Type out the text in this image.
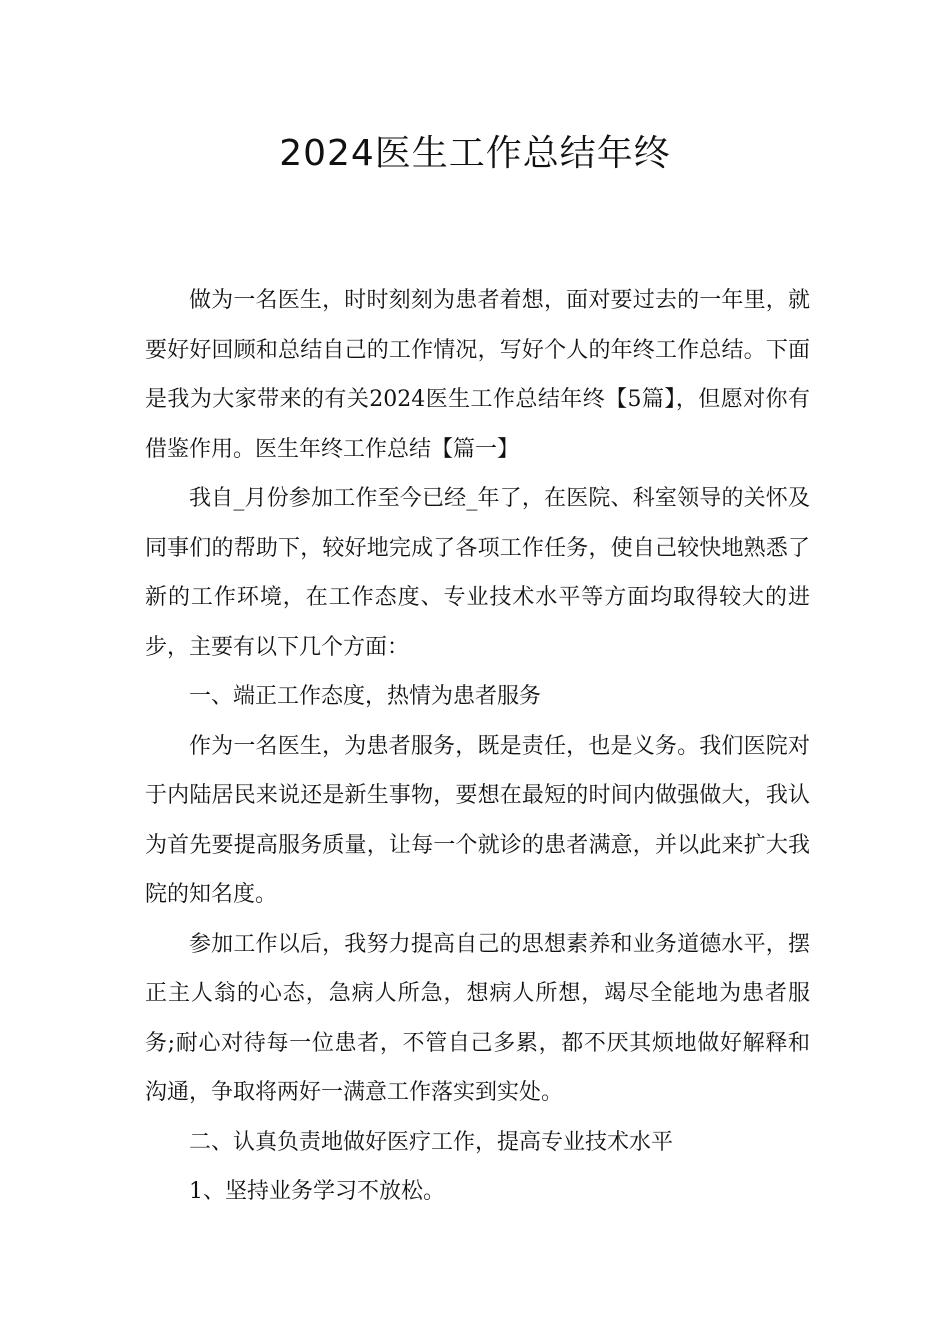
2024医生工作总结年终

做为一名医生，时时刻刻为患者着想，面对要过去的一年里，就要好好回顾和总结自己的工作情况，写好个人的年终工作总结。下面是我为大家带来的有关2024医生工作总结年终【5篇】，但愿对你有借鉴作用。医生年终工作总结【篇一】

我自_月份参加工作至今已经_年了，在医院、科室领导的关怀及同事们的帮助下，较好地完成了各项工作任务，使自己较快地熟悉了新的工作环境，在工作态度、专业技术水平等方面均取得较大的进步，主要有以下几个方面：

一、端正工作态度，热情为患者服务

作为一名医生，为患者服务，既是责任，也是义务。我们医院对于内陆居民来说还是新生事物，要想在最短的时间内做强做大，我认为首先要提高服务质量，让每一个就诊的患者满意，并以此来扩大我院的知名度。

参加工作以后，我努力提高自己的思想素养和业务道德水平，摆正主人翁的心态，急病人所急，想病人所想，竭尽全能地为患者服务;耐心对待每一位患者，不管自己多累，都不厌其烦地做好解释和沟通，争取将两好一满意工作落实到实处。

二、认真负责地做好医疗工作，提高专业技术水平

1、坚持业务学习不放松。
